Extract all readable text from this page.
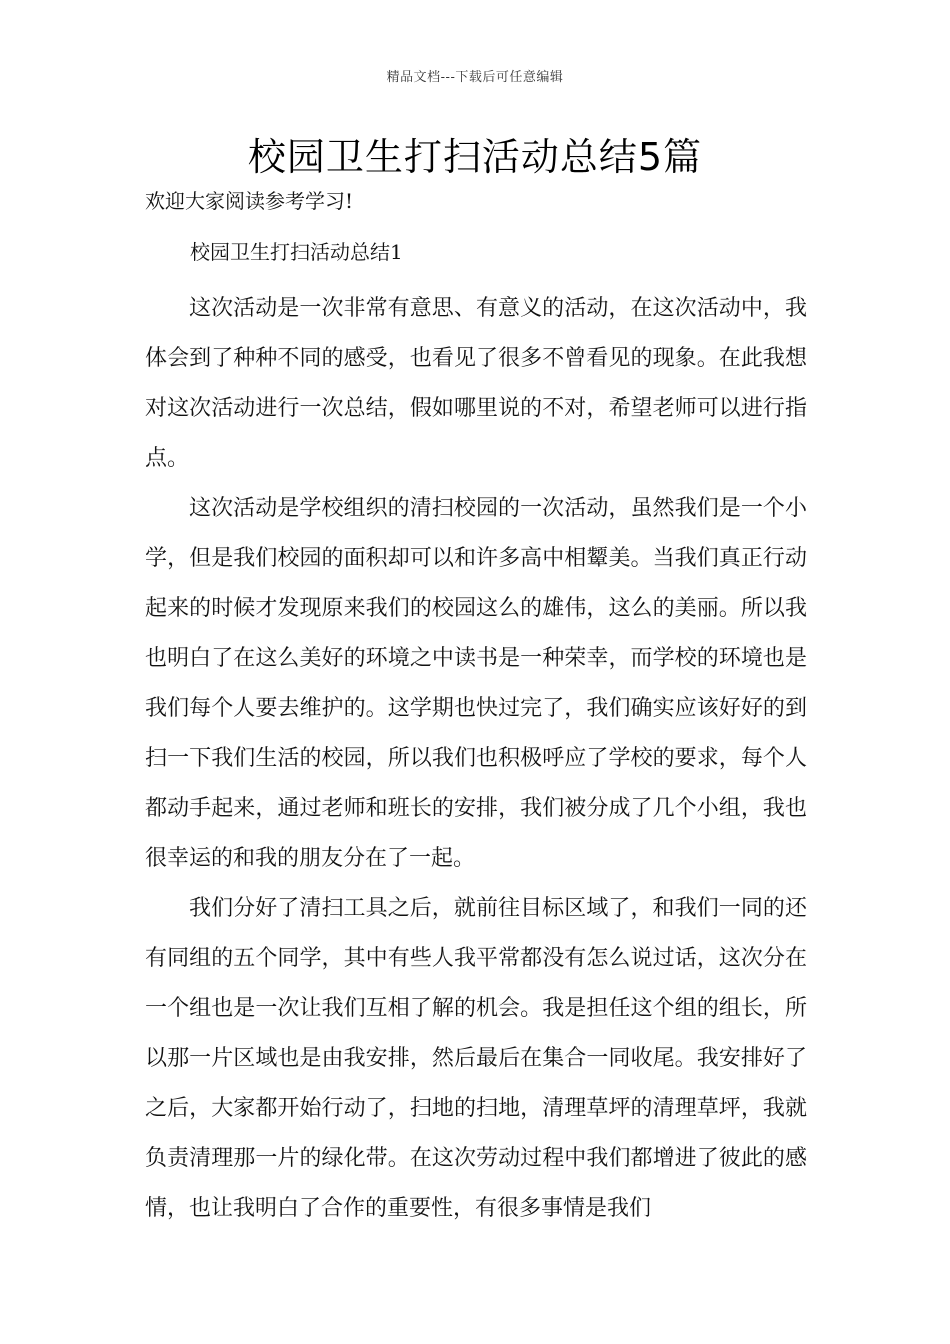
精品文档---下载后可任意编辑
校园卫生打扫活动总结5篇
欢迎大家阅读参考学习!
校园卫生打扫活动总结1

这次活动是一次非常有意思、有意义的活动，在这次活动中，我体会到了种种不同的感受，也看见了很多不曾看见的现象。在此我想对这次活动进行一次总结，假如哪里说的不对，希望老师可以进行指点。

这次活动是学校组织的清扫校园的一次活动，虽然我们是一个小学，但是我们校园的面积却可以和许多高中相颦美。当我们真正行动起来的时候才发现原来我们的校园这么的雄伟，这么的美丽。所以我也明白了在这么美好的环境之中读书是一种荣幸，而学校的环境也是我们每个人要去维护的。这学期也快过完了，我们确实应该好好的到扫一下我们生活的校园，所以我们也积极呼应了学校的要求，每个人都动手起来，通过老师和班长的安排，我们被分成了几个小组，我也很幸运的和我的朋友分在了一起。

我们分好了清扫工具之后，就前往目标区域了，和我们一同的还有同组的五个同学，其中有些人我平常都没有怎么说过话，这次分在一个组也是一次让我们互相了解的机会。我是担任这个组的组长，所以那一片区域也是由我安排，然后最后在集合一同收尾。我安排好了之后，大家都开始行动了，扫地的扫地，清理草坪的清理草坪，我就负责清理那一片的绿化带。在这次劳动过程中我们都增进了彼此的感情，也让我明白了合作的重要性，有很多事情是我们
